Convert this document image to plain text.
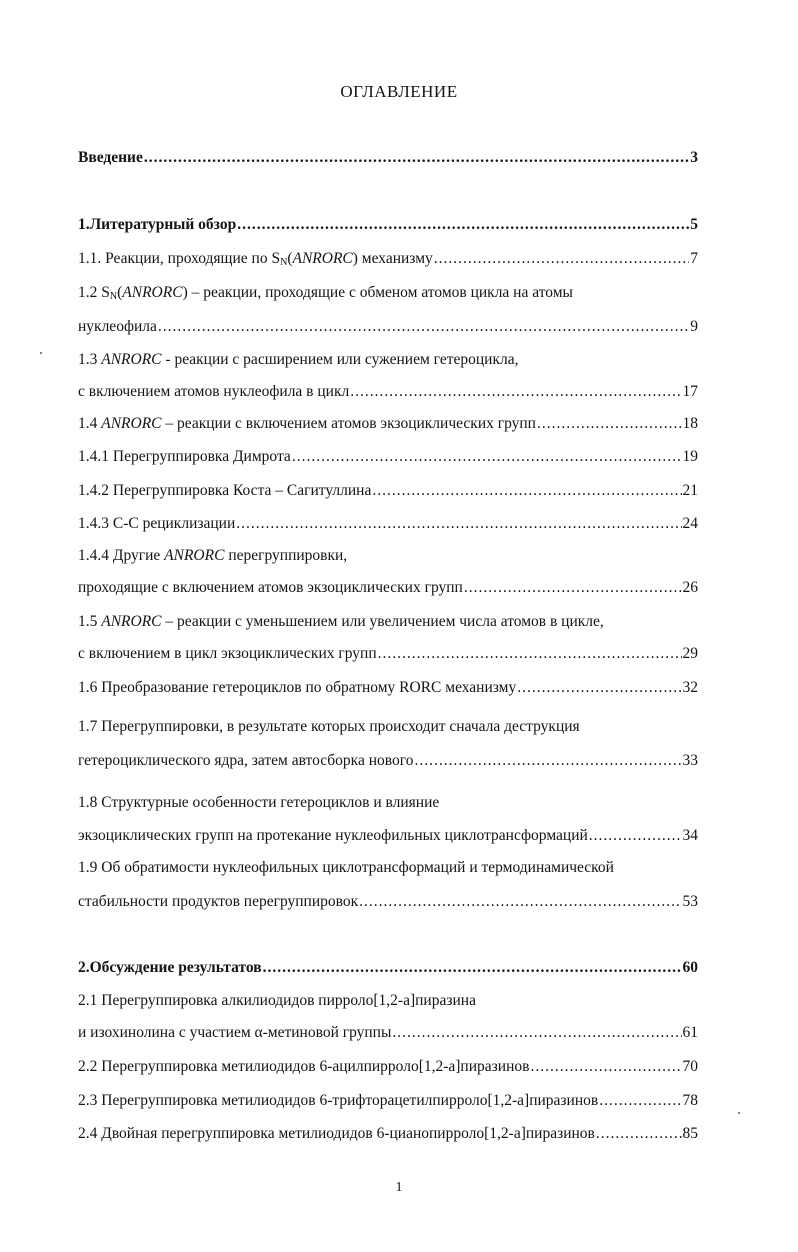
ОГЛАВЛЕНИЕ
Введение .....	3
1.Литературный обзор .....	5
1.1. Реакции, проходящие по $S_N(ANRORC)$ механизму .....	7
1.2 $S_N(ANRORC)$ – реакции, проходящие с обменом атомов цикла на атомы
нуклеофила .....	9
1.3 ANRORC - реакции с расширением или сужением гетероцикла,
с включением атомов нуклеофила в цикл .....	17
1.4 ANRORC – реакции с включением атомов экзоциклических групп .....	18
1.4.1 Перегруппировка Димрота .....	19
1.4.2 Перегруппировка Коста – Сагитуллина .....	21
1.4.3 С-С рециклизации .....	24
1.4.4 Другие ANRORC перегруппировки,
проходящие с включением атомов экзоциклических групп .....	26
1.5 ANRORC – реакции с уменьшением или увеличением числа атомов в цикле,
с включением в цикл экзоциклических групп .....	29
1.6 Преобразование гетероциклов по обратному RORC механизму .....	32
1.7 Перегруппировки, в результате которых происходит сначала деструкция
гетероциклического ядра, затем автосборка нового .....	33
1.8 Структурные особенности гетероциклов и влияние
экзоциклических групп на протекание нуклеофильных циклотрансформаций .....	34
1.9 Об обратимости нуклеофильных циклотрансформаций и термодинамической
стабильности продуктов перегруппировок .....	53
2.Обсуждение результатов .....	60
2.1 Перегруппировка алкилиодидов пирроло[1,2-а]пиразина
и изохинолина с участием α-метиновой группы .....	61
2.2 Перегруппировка метилиодидов 6-ацилпирроло[1,2-а]пиразинов .....	70
2.3 Перегруппировка метилиодидов 6-трифторацетилпирроло[1,2-а]пиразинов .....	78
2.4 Двойная перегруппировка метилиодидов 6-цианопирроло[1,2-а]пиразинов .....	85
1
